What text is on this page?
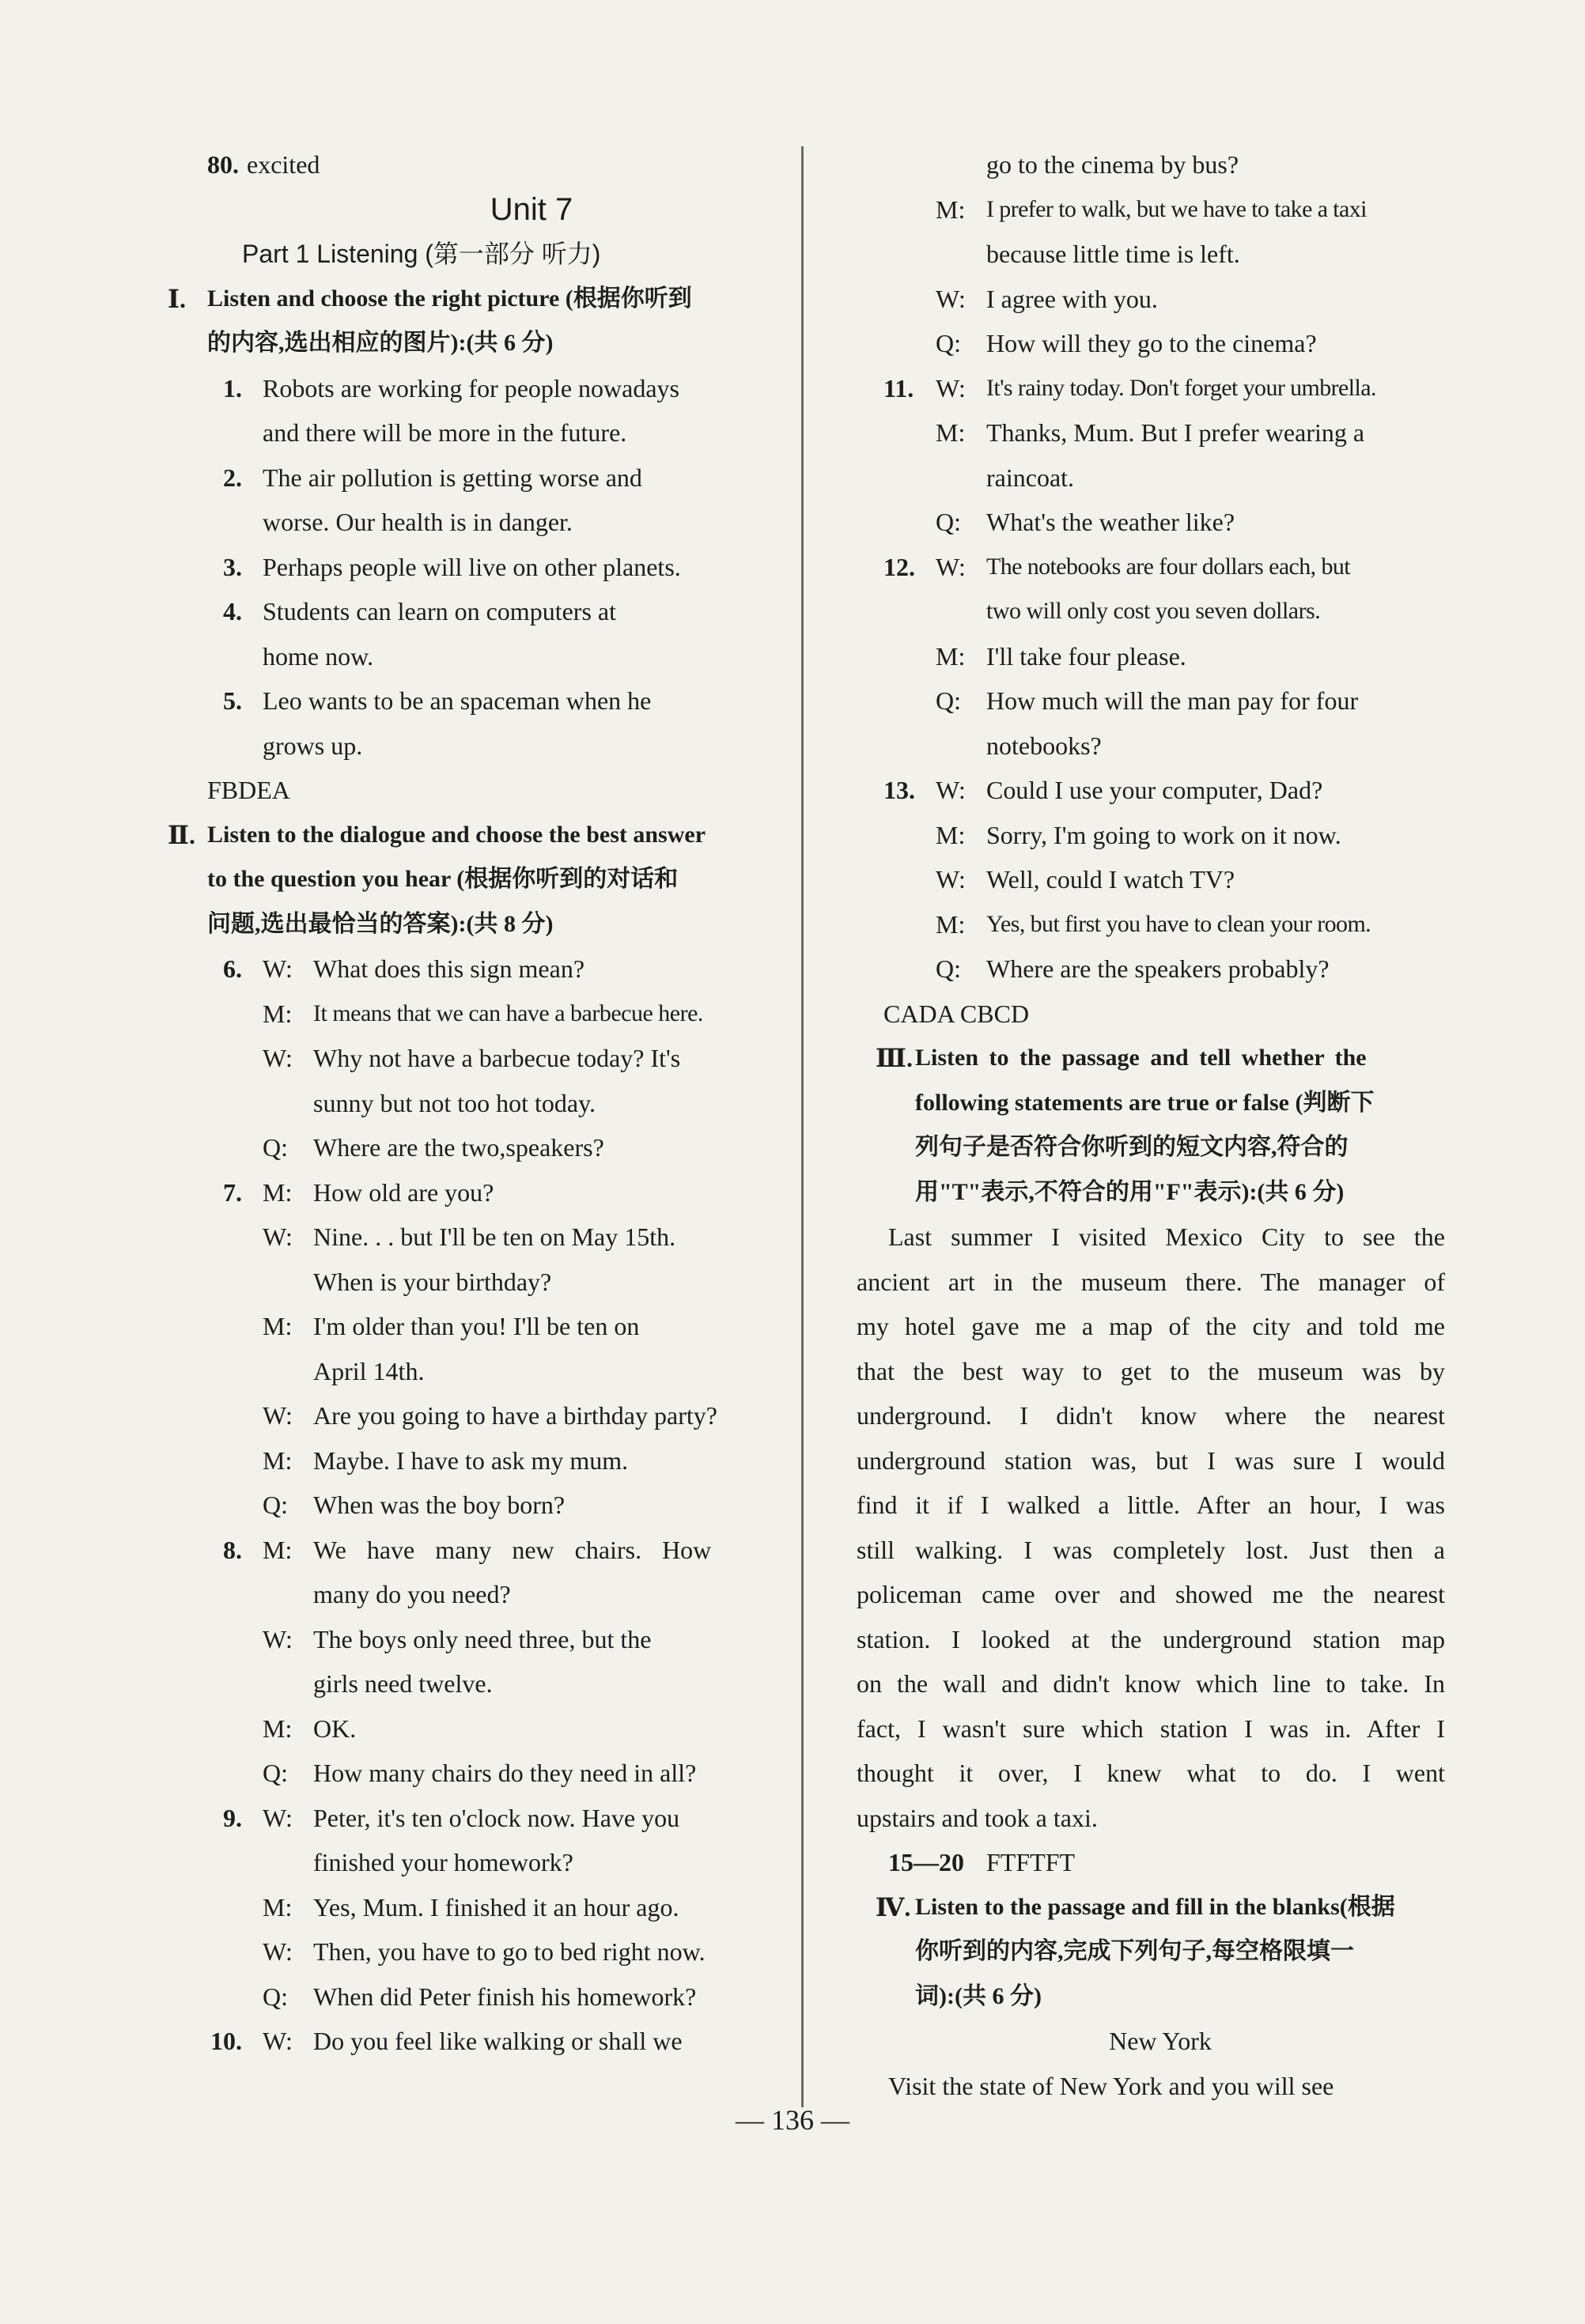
80. excited
Unit 7
Part 1 Listening (第一部分 听力)
Ⅰ. Listen and choose the right picture (根据你听到
的内容,选出相应的图片):(共 6 分)
1. Robots are working for people nowadays
and there will be more in the future.
2. The air pollution is getting worse and
worse. Our health is in danger.
3. Perhaps people will live on other planets.
4. Students can learn on computers at
home now.
5. Leo wants to be an spaceman when he
grows up.
FBDEA
Ⅱ. Listen to the dialogue and choose the best answer
to the question you hear (根据你听到的对话和
问题,选出最恰当的答案):(共 8 分)
6. W: What does this sign mean?
M: It means that we can have a barbecue here.
W: Why not have a barbecue today? It's
sunny but not too hot today.
Q:	Where are the two,speakers?
7. M: How old are you?
W: Nine. . . but I'll be ten on May 15th.
When is your birthday?
M: I'm older than you! I'll be ten on
April 14th.
W: Are you going to have a birthday party?
M: Maybe. I have to ask my mum.
Q:	When was the boy born?
8. M: We have many new chairs. How
many do you need?
W: The boys only need three, but the
girls need twelve.
M: OK.
Q:	How many chairs do they need in all?
9. W: Peter, it's ten o'clock now. Have you
finished your homework?
M: Yes, Mum. I finished it an hour ago.
W: Then, you have to go to bed right now.
Q:	When did Peter finish his homework?
10. W: Do you feel like walking or shall we
go to the cinema by bus?
M: I prefer to walk, but we have to take a taxi
because little time is left.
W: I agree with you.
Q:	How will they go to the cinema?
11. W: It's rainy today. Don't forget your umbrella.
M: Thanks, Mum. But I prefer wearing a
raincoat.
Q:	What's the weather like?
12. W: The notebooks are four dollars each, but
two will only cost you seven dollars.
M: I'll take four please.
Q:	How much will the man pay for four
notebooks?
13. W: Could I use your computer, Dad?
M: Sorry, I'm going to work on it now.
W: Well, could I watch TV?
M: Yes, but first you have to clean your room.
Q:	Where are the speakers probably?
CADA CBCD
Ⅲ. Listen to the passage and tell whether the
following statements are true or false (判断下
列句子是否符合你听到的短文内容,符合的
用"T"表示,不符合的用"F"表示):(共 6 分)
Last summer I visited Mexico City to see the
ancient art in the museum there. The manager of
my hotel gave me a map of the city and told me
that the best way to get to the museum was by
underground. I didn't know where the nearest
underground station was, but I was sure I would
find it if I walked a little. After an hour, I was
still walking. I was completely lost. Just then a
policeman came over and showed me the nearest
station. I looked at the underground station map
on the wall and didn't know which line to take. In
fact, I wasn't sure which station I was in. After I
thought it over, I knew what to do. I went
upstairs and took a taxi.
15—20 FTFTFT
Ⅳ. Listen to the passage and fill in the blanks(根据
你听到的内容,完成下列句子,每空格限填一
词):(共 6 分)
New York
Visit the state of New York and you will see
— 136 —
